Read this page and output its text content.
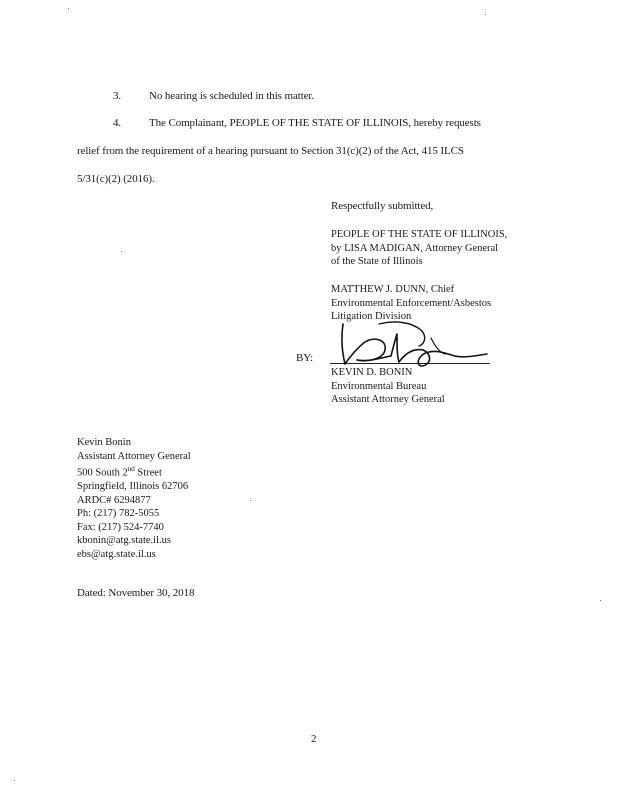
3.	No hearing is scheduled in this matter.
4.	The Complainant, PEOPLE OF THE STATE OF ILLINOIS, hereby requests
relief from the requirement of a hearing pursuant to Section 31(c)(2) of the Act, 415 ILCS
5/31(c)(2) (2016).
Respectfully submitted,
PEOPLE OF THE STATE OF ILLINOIS,
by LISA MADIGAN, Attorney General
of the State of Illinois
MATTHEW J. DUNN, Chief
Environmental Enforcement/Asbestos
Litigation Division
BY:
KEVIN D. BONIN
Environmental Bureau
Assistant Attorney General
Kevin Bonin
Assistant Attorney General
500 South 2nd Street
Springfield, Illinois 62706
ARDC# 6294877
Ph: (217) 782-5055
Fax: (217) 524-7740
kbonin@atg.state.il.us
ebs@atg.state.il.us
Dated: November 30, 2018
2
